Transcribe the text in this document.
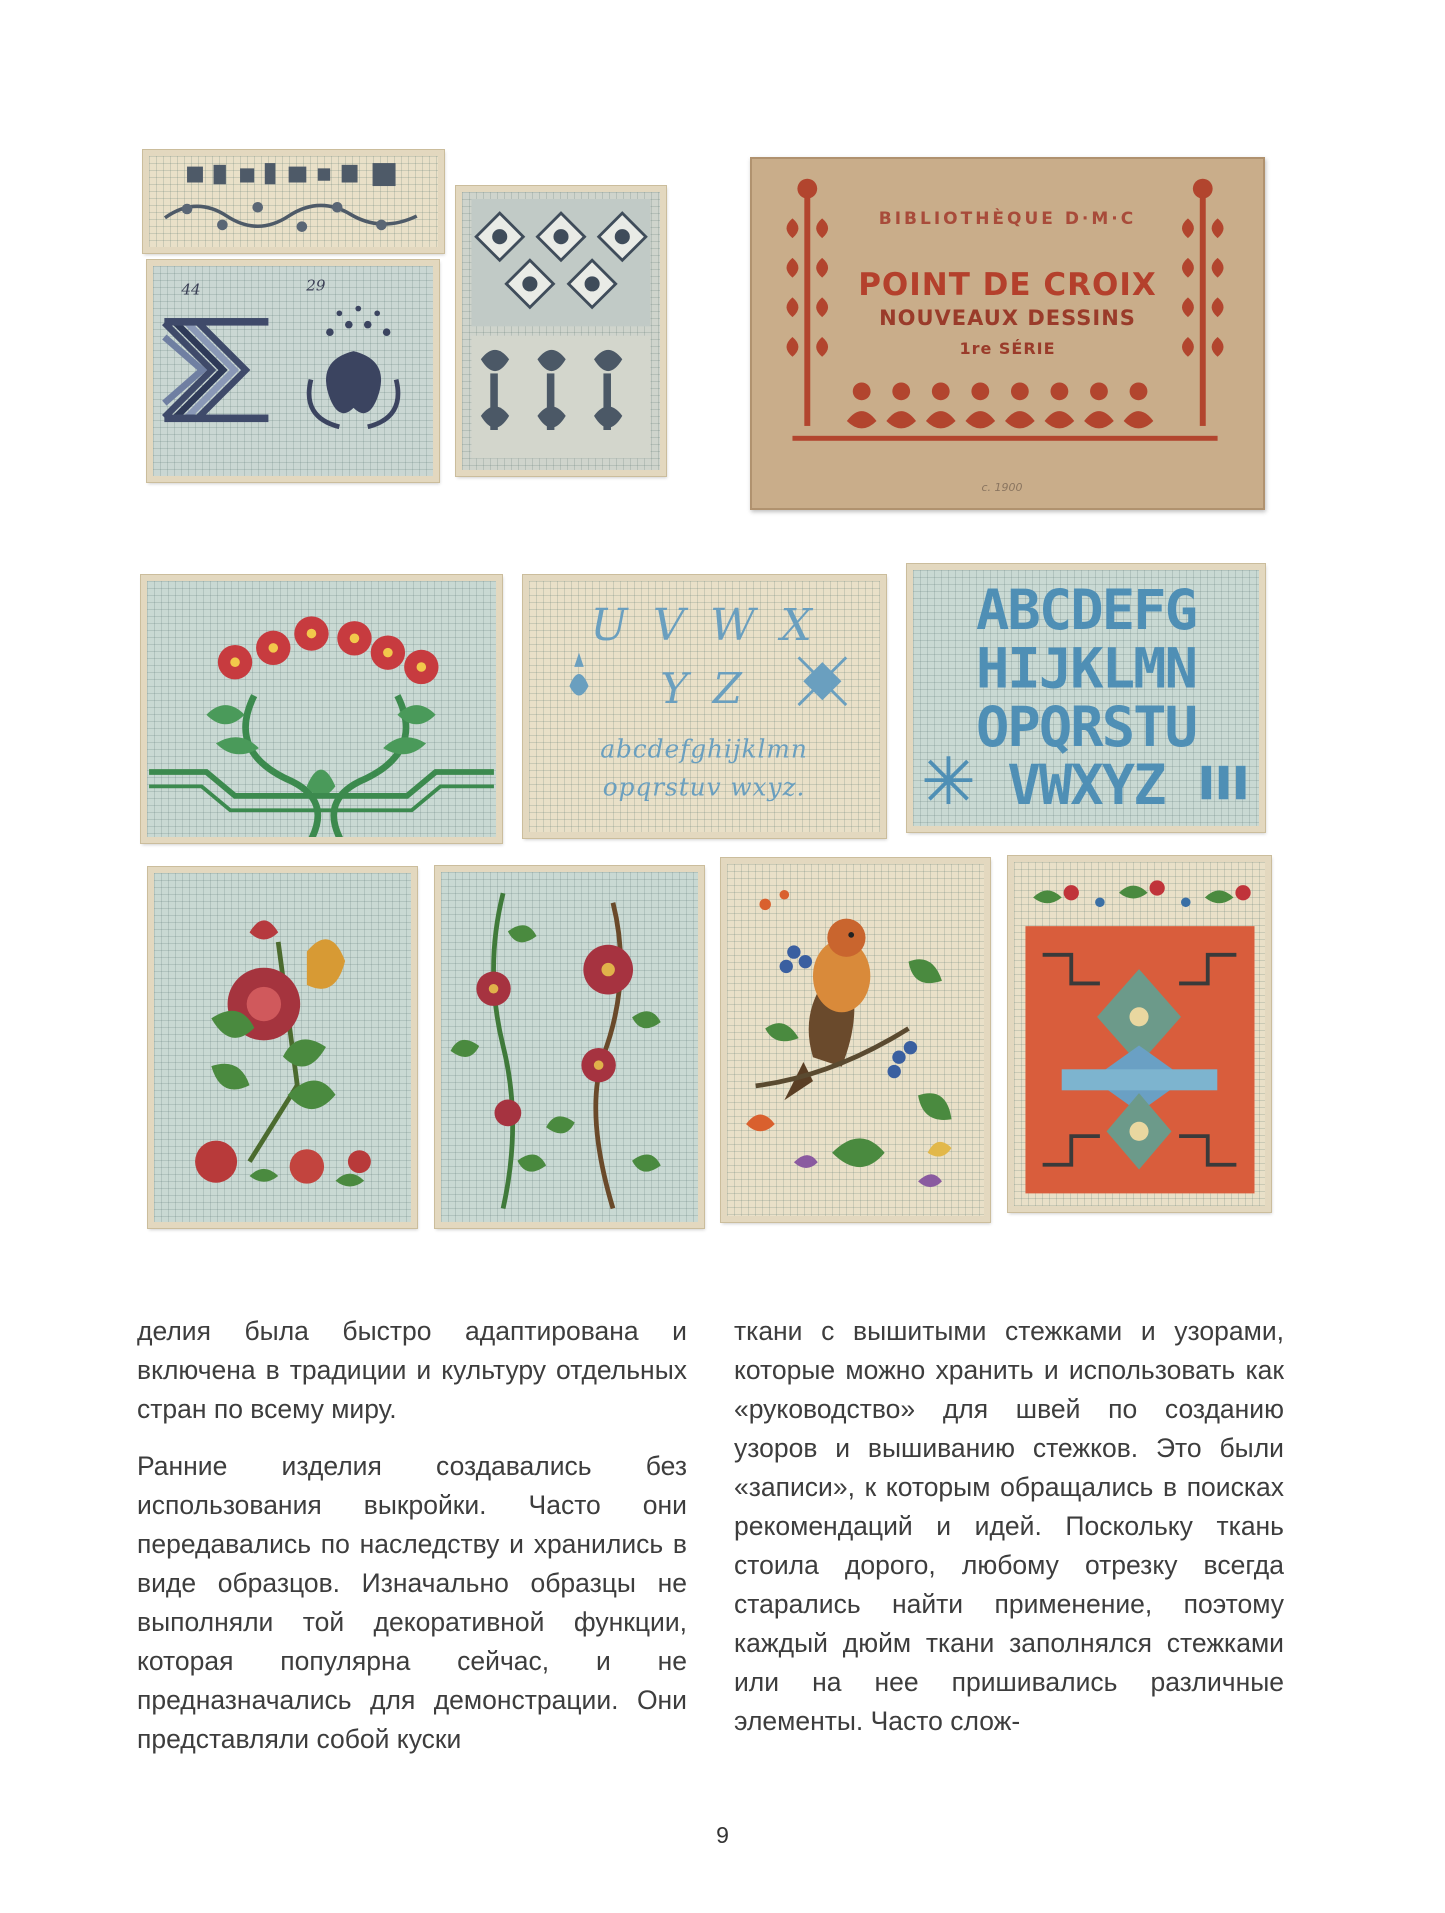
44	29
BIBLIOTHÈQUE D·M·C
POINT DE CROIX
NOUVEAUX DESSINS
1re SÉRIE
c. 1900
U V W X
Y Z
abcdefghijklmn
opqrstuv wxyz.
ABCDEFG
HIJKLMN
OPQRSTU
VWXYZ

делия была быстро адаптирована и включена в традиции и культуру отдельных стран по всему миру.

Ранние изделия создавались без использования выкройки. Часто они передавались по наследству и хранились в виде образцов. Изначально образцы не выполняли той декоративной функции, которая популярна сейчас, и не предназначались для демонстрации. Они представляли собой куски

ткани с вышитыми стежками и узорами, которые можно хранить и использовать как «руководство» для швей по созданию узоров и вышиванию стежков. Это были «записи», к которым обращались в поисках рекомендаций и идей. Поскольку ткань стоила дорого, любому отрезку всегда старались найти применение, поэтому каждый дюйм ткани заполнялся стежками или на нее пришивались различные элементы. Часто слож-

9
